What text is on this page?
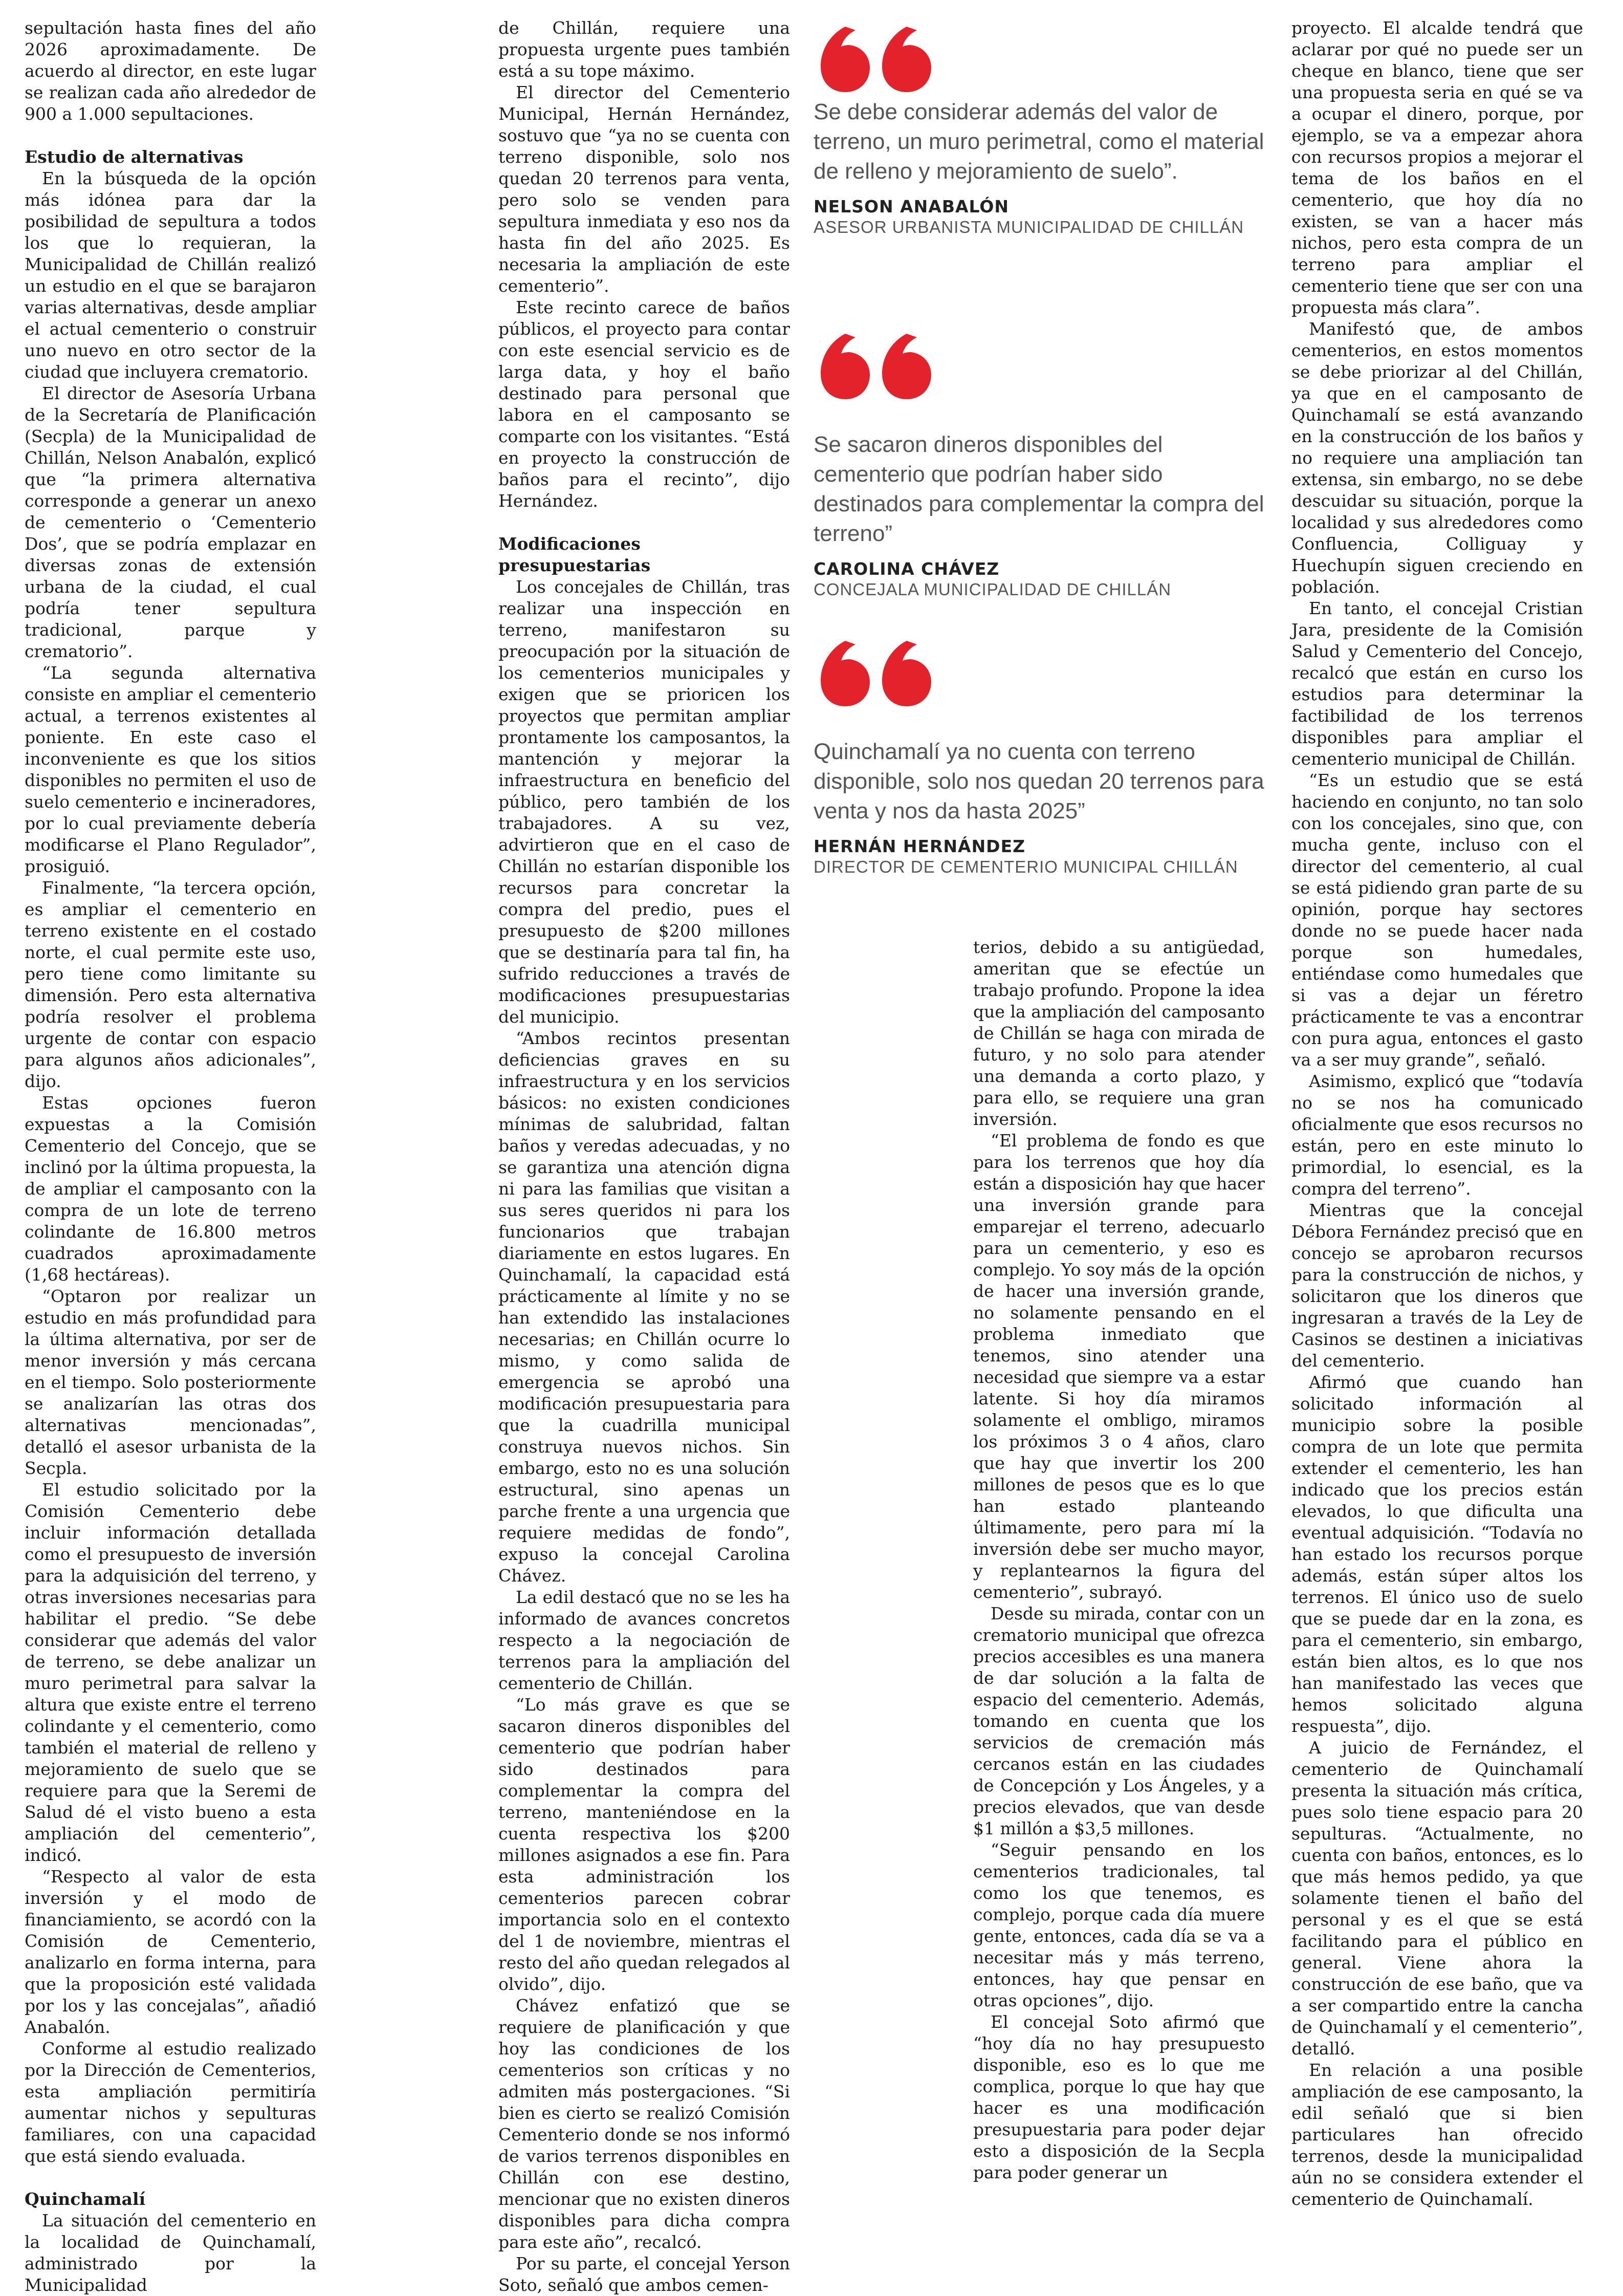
sepultación hasta fines del año 2026 aproximadamente. De acuerdo al director, en este lugar se realizan cada año alrededor de 900 a 1.000 sepultaciones.

Estudio de alternativas

En la búsqueda de la opción más idónea para dar la posibilidad de sepultura a todos los que lo requieran, la Municipalidad de Chillán realizó un estudio en el que se barajaron varias alternativas, desde ampliar el actual cementerio o construir uno nuevo en otro sector de la ciudad que incluyera crematorio.

El director de Asesoría Urbana de la Secretaría de Planificación (Secpla) de la Municipalidad de Chillán, Nelson Anabalón, explicó que “la primera alternativa corresponde a generar un anexo de cementerio o ‘Cementerio Dos’, que se podría emplazar en diversas zonas de extensión urbana de la ciudad, el cual podría tener sepultura tradicional, parque y crematorio”.

“La segunda alternativa consiste en ampliar el cementerio actual, a terrenos existentes al poniente. En este caso el inconveniente es que los sitios disponibles no permiten el uso de suelo cementerio e incineradores, por lo cual previamente debería modificarse el Plano Regulador”, prosiguió.

Finalmente, “la tercera opción, es ampliar el cementerio en terreno existente en el costado norte, el cual permite este uso, pero tiene como limitante su dimensión. Pero esta alternativa podría resolver el problema urgente de contar con espacio para algunos años adicionales”, dijo.

Estas opciones fueron expuestas a la Comisión Cementerio del Concejo, que se inclinó por la última propuesta, la de ampliar el camposanto con la compra de un lote de terreno colindante de 16.800 metros cuadrados aproximadamente (1,68 hectáreas).

“Optaron por realizar un estudio en más profundidad para la última alternativa, por ser de menor inversión y más cercana en el tiempo. Solo posteriormente se analizarían las otras dos alternativas mencionadas”, detalló el asesor urbanista de la Secpla.

El estudio solicitado por la Comisión Cementerio debe incluir información detallada como el presupuesto de inversión para la adquisición del terreno, y otras inversiones necesarias para habilitar el predio. “Se debe considerar que además del valor de terreno, se debe analizar un muro perimetral para salvar la altura que existe entre el terreno colindante y el cementerio, como también el material de relleno y mejoramiento de suelo que se requiere para que la Seremi de Salud dé el visto bueno a esta ampliación del cementerio”, indicó.

“Respecto al valor de esta inversión y el modo de financiamiento, se acordó con la Comisión de Cementerio, analizarlo en forma interna, para que la proposición esté validada por los y las concejalas”, añadió Anabalón.

Conforme al estudio realizado por la Dirección de Cementerios, esta ampliación permitiría aumentar nichos y sepulturas familiares, con una capacidad que está siendo evaluada.

Quinchamalí

La situación del cementerio en la localidad de Quinchamalí, administrado por la Municipalidad

de Chillán, requiere una propuesta urgente pues también está a su tope máximo.

El director del Cementerio Municipal, Hernán Hernández, sostuvo que “ya no se cuenta con terreno disponible, solo nos quedan 20 terrenos para venta, pero solo se venden para sepultura inmediata y eso nos da hasta fin del año 2025. Es necesaria la ampliación de este cementerio”.

Este recinto carece de baños públicos, el proyecto para contar con este esencial servicio es de larga data, y hoy el baño destinado para personal que labora en el camposanto se comparte con los visitantes. “Está en proyecto la construcción de baños para el recinto”, dijo Hernández.

Modificaciones presupuestarias

Los concejales de Chillán, tras realizar una inspección en terreno, manifestaron su preocupación por la situación de los cementerios municipales y exigen que se prioricen los proyectos que permitan ampliar prontamente los camposantos, la mantención y mejorar la infraestructura en beneficio del público, pero también de los trabajadores. A su vez, advirtieron que en el caso de Chillán no estarían disponible los recursos para concretar la compra del predio, pues el presupuesto de $200 millones que se destinaría para tal fin, ha sufrido reducciones a través de modificaciones presupuestarias del municipio.

“Ambos recintos presentan deficiencias graves en su infraestructura y en los servicios básicos: no existen condiciones mínimas de salubridad, faltan baños y veredas adecuadas, y no se garantiza una atención digna ni para las familias que visitan a sus seres queridos ni para los funcionarios que trabajan diariamente en estos lugares. En Quinchamalí, la capacidad está prácticamente al límite y no se han extendido las instalaciones necesarias; en Chillán ocurre lo mismo, y como salida de emergencia se aprobó una modificación presupuestaria para que la cuadrilla municipal construya nuevos nichos. Sin embargo, esto no es una solución estructural, sino apenas un parche frente a una urgencia que requiere medidas de fondo”, expuso la concejal Carolina Chávez.

La edil destacó que no se les ha informado de avances concretos respecto a la negociación de terrenos para la ampliación del cementerio de Chillán.

“Lo más grave es que se sacaron dineros disponibles del cementerio que podrían haber sido destinados para complementar la compra del terreno, manteniéndose en la cuenta respectiva los $200 millones asignados a ese fin. Para esta administración los cementerios parecen cobrar importancia solo en el contexto del 1 de noviembre, mientras el resto del año quedan relegados al olvido”, dijo.

Chávez enfatizó que se requiere de planificación y que hoy las condiciones de los cementerios son críticas y no admiten más postergaciones. “Si bien es cierto se realizó Comisión Cementerio donde se nos informó de varios terrenos disponibles en Chillán con ese destino, mencionar que no existen dineros disponibles para dicha compra para este año”, recalcó.

Por su parte, el concejal Yerson Soto, señaló que ambos cemen-

Se debe considerar además del valor de terreno, un muro perimetral, como el material de relleno y mejoramiento de suelo”.

NELSON ANABALÓN

ASESOR URBANISTA MUNICIPALIDAD DE CHILLÁN

Se sacaron dineros disponibles del cementerio que podrían haber sido destinados para complementar la compra del terreno”

CAROLINA CHÁVEZ

CONCEJALA MUNICIPALIDAD DE CHILLÁN

Quinchamalí ya no cuenta con terreno disponible, solo nos quedan 20 terrenos para venta y nos da hasta 2025”

HERNÁN HERNÁNDEZ

DIRECTOR DE CEMENTERIO MUNICIPAL CHILLÁN

terios, debido a su antigüedad, ameritan que se efectúe un trabajo profundo. Propone la idea que la ampliación del camposanto de Chillán se haga con mirada de futuro, y no solo para atender una demanda a corto plazo, y para ello, se requiere una gran inversión.

“El problema de fondo es que para los terrenos que hoy día están a disposición hay que hacer una inversión grande para emparejar el terreno, adecuarlo para un cementerio, y eso es complejo. Yo soy más de la opción de hacer una inversión grande, no solamente pensando en el problema inmediato que tenemos, sino atender una necesidad que siempre va a estar latente. Si hoy día miramos solamente el ombligo, miramos los próximos 3 o 4 años, claro que hay que invertir los 200 millones de pesos que es lo que han estado planteando últimamente, pero para mí la inversión debe ser mucho mayor, y replantearnos la figura del cementerio”, subrayó.

Desde su mirada, contar con un crematorio municipal que ofrezca precios accesibles es una manera de dar solución a la falta de espacio del cementerio. Además, tomando en cuenta que los servicios de cremación más cercanos están en las ciudades de Concepción y Los Ángeles, y a precios elevados, que van desde $1 millón a $3,5 millones.

“Seguir pensando en los cementerios tradicionales, tal como los que tenemos, es complejo, porque cada día muere gente, entonces, cada día se va a necesitar más y más terreno, entonces, hay que pensar en otras opciones”, dijo.

El concejal Soto afirmó que “hoy día no hay presupuesto disponible, eso es lo que me complica, porque lo que hay que hacer es una modificación presupuestaria para poder dejar esto a disposición de la Secpla para poder generar un

proyecto. El alcalde tendrá que aclarar por qué no puede ser un cheque en blanco, tiene que ser una propuesta seria en qué se va a ocupar el dinero, porque, por ejemplo, se va a empezar ahora con recursos propios a mejorar el tema de los baños en el cementerio, que hoy día no existen, se van a hacer más nichos, pero esta compra de un terreno para ampliar el cementerio tiene que ser con una propuesta más clara”.

Manifestó que, de ambos cementerios, en estos momentos se debe priorizar al del Chillán, ya que en el camposanto de Quinchamalí se está avanzando en la construcción de los baños y no requiere una ampliación tan extensa, sin embargo, no se debe descuidar su situación, porque la localidad y sus alrededores como Confluencia, Colliguay y Huechupín siguen creciendo en población.

En tanto, el concejal Cristian Jara, presidente de la Comisión Salud y Cementerio del Concejo, recalcó que están en curso los estudios para determinar la factibilidad de los terrenos disponibles para ampliar el cementerio municipal de Chillán.

“Es un estudio que se está haciendo en conjunto, no tan solo con los concejales, sino que, con mucha gente, incluso con el director del cementerio, al cual se está pidiendo gran parte de su opinión, porque hay sectores donde no se puede hacer nada porque son humedales, entiéndase como humedales que si vas a dejar un féretro prácticamente te vas a encontrar con pura agua, entonces el gasto va a ser muy grande”, señaló.

Asimismo, explicó que “todavía no se nos ha comunicado oficialmente que esos recursos no están, pero en este minuto lo primordial, lo esencial, es la compra del terreno”.

Mientras que la concejal Débora Fernández precisó que en concejo se aprobaron recursos para la construcción de nichos, y solicitaron que los dineros que ingresaran a través de la Ley de Casinos se destinen a iniciativas del cementerio.

Afirmó que cuando han solicitado información al municipio sobre la posible compra de un lote que permita extender el cementerio, les han indicado que los precios están elevados, lo que dificulta una eventual adquisición. “Todavía no han estado los recursos porque además, están súper altos los terrenos. El único uso de suelo que se puede dar en la zona, es para el cementerio, sin embargo, están bien altos, es lo que nos han manifestado las veces que hemos solicitado alguna respuesta”, dijo.

A juicio de Fernández, el cementerio de Quinchamalí presenta la situación más crítica, pues solo tiene espacio para 20 sepulturas. “Actualmente, no cuenta con baños, entonces, es lo que más hemos pedido, ya que solamente tienen el baño del personal y es el que se está facilitando para el público en general. Viene ahora la construcción de ese baño, que va a ser compartido entre la cancha de Quinchamalí y el cementerio”, detalló.

En relación a una posible ampliación de ese camposanto, la edil señaló que si bien particulares han ofrecido terrenos, desde la municipalidad aún no se considera extender el cementerio de Quinchamalí.
